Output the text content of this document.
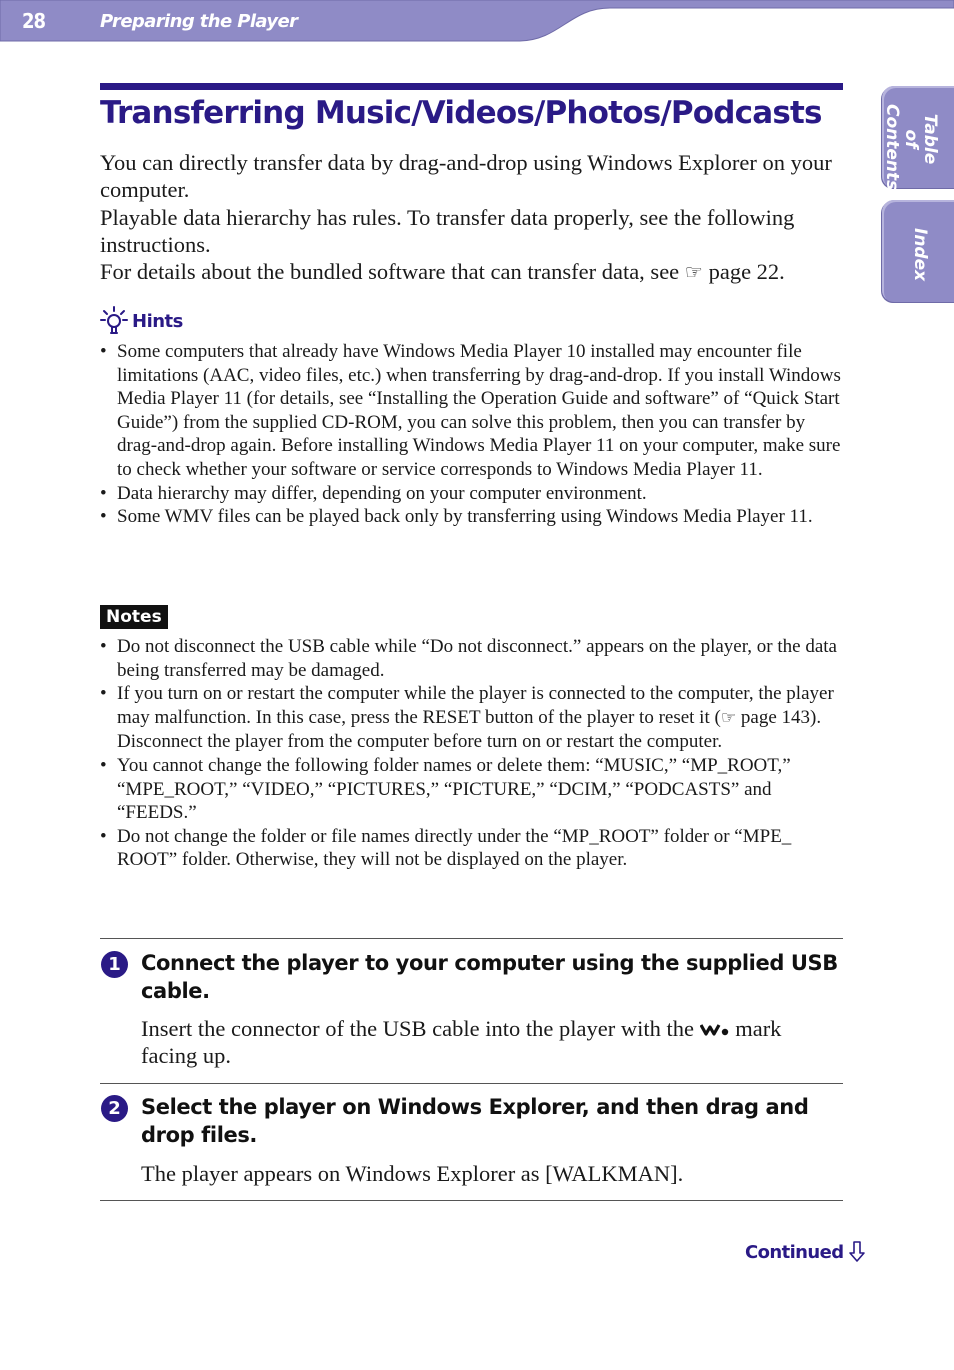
28	Preparing the Player
Table of Contents
Index
Transferring Music/Videos/Photos/Podcasts

You can directly transfer data by drag-and-drop using Windows Explorer on your computer.

Playable data hierarchy has rules. To transfer data properly, see the following instructions.

For details about the bundled software that can transfer data, see ☞ page 22.

Hints
• Some computers that already have Windows Media Player 10 installed may encounter file limitations (AAC, video files, etc.) when transferring by drag-and-drop. If you install Windows Media Player 11 (for details, see “Installing the Operation Guide and software” of “Quick Start Guide”) from the supplied CD-ROM, you can solve this problem, then you can transfer by drag-and-drop again. Before installing Windows Media Player 11 on your computer, make sure to check whether your software or service corresponds to Windows Media Player 11.
• Data hierarchy may differ, depending on your computer environment.
• Some WMV files can be played back only by transferring using Windows Media Player 11.
Notes
• Do not disconnect the USB cable while “Do not disconnect.” appears on the player, or the data being transferred may be damaged.
• If you turn on or restart the computer while the player is connected to the computer, the player may malfunction. In this case, press the RESET button of the player to reset it (☞ page 143). Disconnect the player from the computer before turn on or restart the computer.
• You cannot change the following folder names or delete them: “MUSIC,” “MP_ROOT,” “MPE_ROOT,” “VIDEO,” “PICTURES,” “PICTURE,” “DCIM,” “PODCASTS” and “FEEDS.”
• Do not change the folder or file names directly under the “MP_ROOT” folder or “MPE_ ROOT” folder. Otherwise, they will not be displayed on the player.
1 Connect the player to your computer using the supplied USB cable.
Insert the connector of the USB cable into the player with the  mark facing up.
2 Select the player on Windows Explorer, and then drag and drop files.
The player appears on Windows Explorer as [WALKMAN].
Continued
